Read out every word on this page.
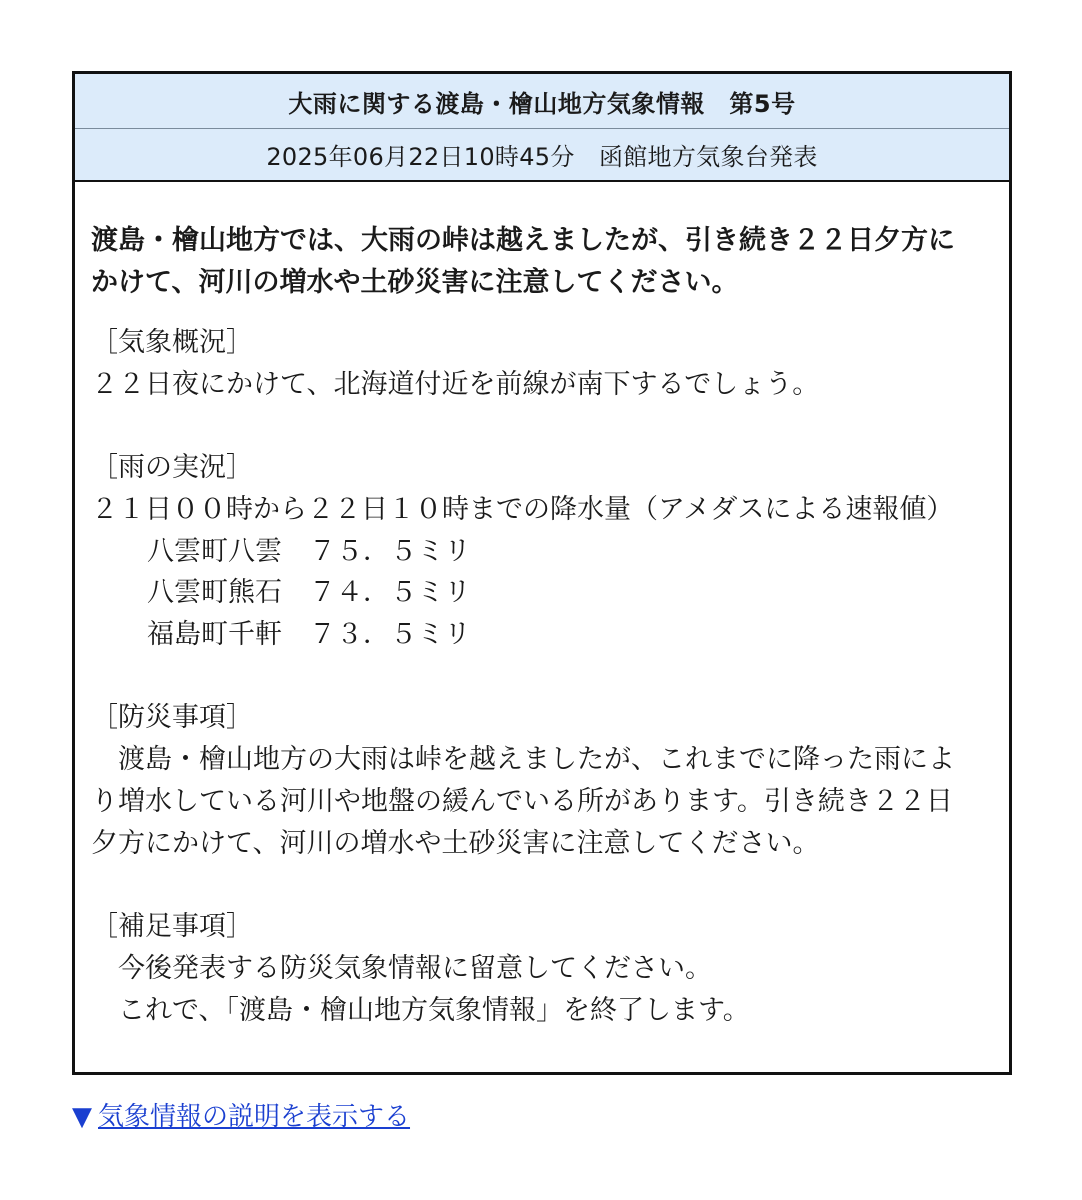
大雨に関する渡島・檜山地方気象情報　第5号
2025年06月22日10時45分　函館地方気象台発表
渡島・檜山地方では、大雨の峠は越えましたが、引き続き２２日夕方に
かけて、河川の増水や土砂災害に注意してください。
［気象概況］
２２日夜にかけて、北海道付近を前線が南下するでしょう。
［雨の実況］
２１日００時から２２日１０時までの降水量（アメダスによる速報値）
八雲町八雲　７５．５ミリ
八雲町熊石　７４．５ミリ
福島町千軒　７３．５ミリ
［防災事項］
　渡島・檜山地方の大雨は峠を越えましたが、これまでに降った雨によ
り増水している河川や地盤の緩んでいる所があります。引き続き２２日
夕方にかけて、河川の増水や土砂災害に注意してください。
［補足事項］
　今後発表する防災気象情報に留意してください。
　これで、「渡島・檜山地方気象情報」を終了します。
▼ 気象情報の説明を表示する
